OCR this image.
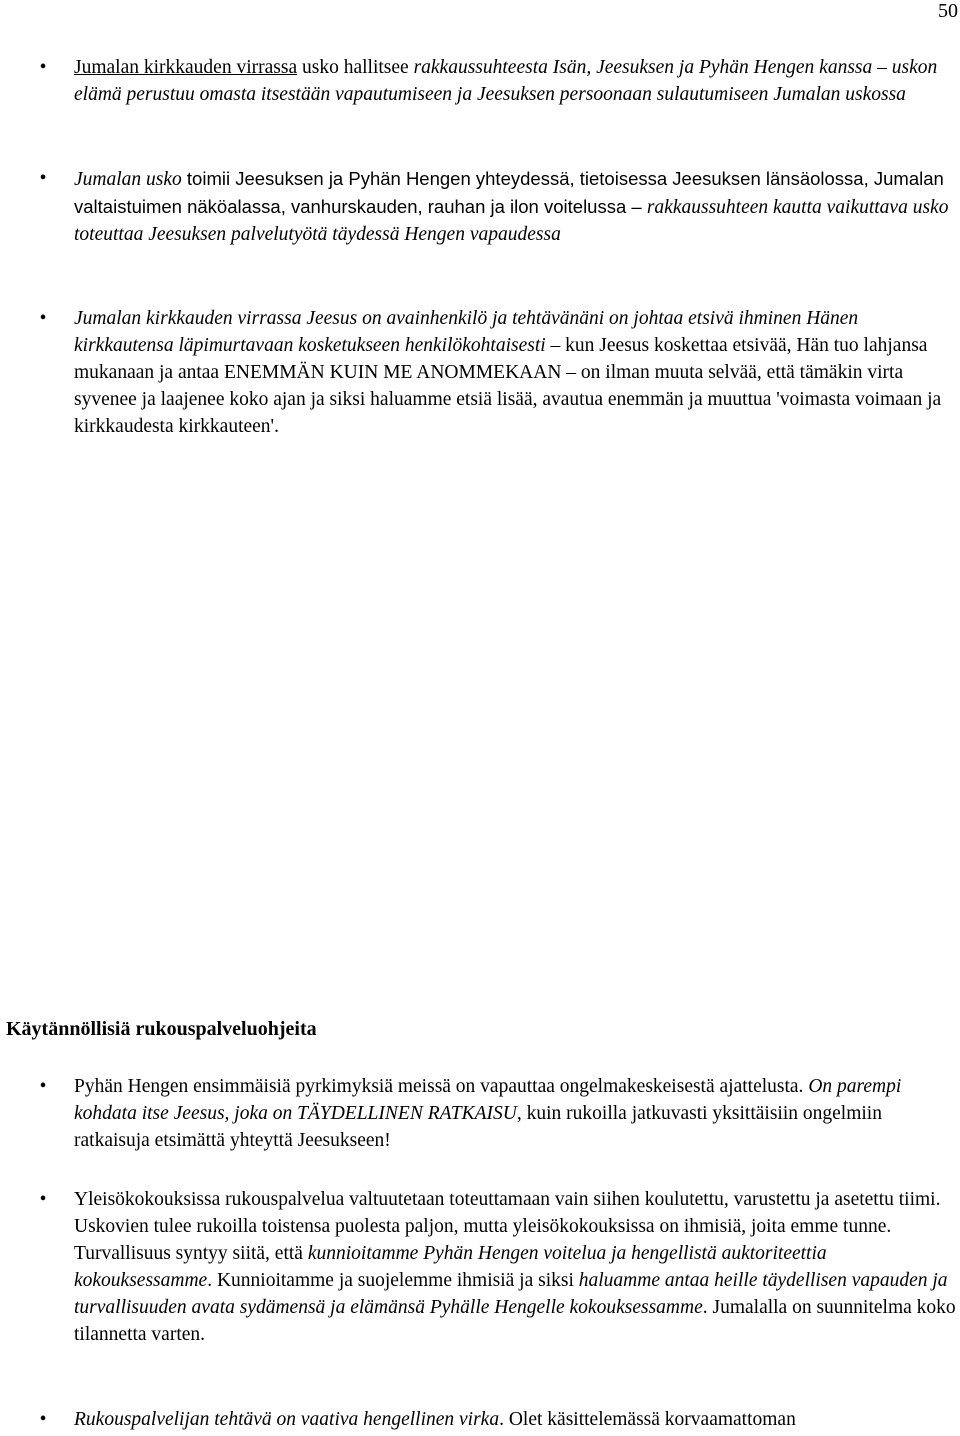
50
• Jumalan kirkkauden virrassa usko hallitsee rakkaussuhteesta Isän, Jeesuksen ja Pyhän Hengen kanssa – uskon elämä perustuu omasta itsestään vapautumiseen ja Jeesuksen persoonaan sulautumiseen Jumalan uskossa
• Jumalan usko toimii Jeesuksen ja Pyhän Hengen yhteydessä, tietoisessa Jeesuksen länsäolossa, Jumalan valtaistuimen näköalassa, vanhurskauden, rauhan ja ilon voitelussa – rakkaussuhteen kautta vaikuttava usko toteuttaa Jeesuksen palvelutyötä täydessä Hengen vapaudessa
• Jumalan kirkkauden virrassa Jeesus on avainhenkilö ja tehtävänäni on johtaa etsivä ihminen Hänen kirkkautensa läpimurtavaan kosketukseen henkilökohtaisesti – kun Jeesus koskettaa etsivää, Hän tuo lahjansa mukanaan ja antaa ENEMMÄN KUIN ME ANOMMEKAAN – on ilman muuta selvää, että tämäkin virta syvenee ja laajenee koko ajan ja siksi haluamme etsiä lisää, avautua enemmän ja muuttua 'voimasta voimaan ja kirkkaudesta kirkkauteen'.
Käytännöllisiä rukouspalveluohjeita
• Pyhän Hengen ensimmäisiä pyrkimyksiä meissä on vapauttaa ongelmakeskeisestä ajattelusta. On parempi kohdata itse Jeesus, joka on TÄYDELLINEN RATKAISU, kuin rukoilla jatkuvasti yksittäisiin ongelmiin ratkaisuja etsimättä yhteyttä Jeesukseen!
• Yleisökokouksissa rukouspalvelua valtuutetaan toteuttamaan vain siihen koulutettu, varustettu ja asetettu tiimi. Uskovien tulee rukoilla toistensa puolesta paljon, mutta yleisökokouksissa on ihmisiä, joita emme tunne. Turvallisuus syntyy siitä, että kunnioitamme Pyhän Hengen voitelua ja hengellistä auktoriteettia kokouksessamme. Kunnioitamme ja suojelemme ihmisiä ja siksi haluamme antaa heille täydellisen vapauden ja turvallisuuden avata sydämensä ja elämänsä Pyhälle Hengelle kokouksessamme. Jumalalla on suunnitelma koko tilannetta varten.
• Rukouspalvelijan tehtävä on vaativa hengellinen virka. Olet käsittelemässä korvaamattoman
